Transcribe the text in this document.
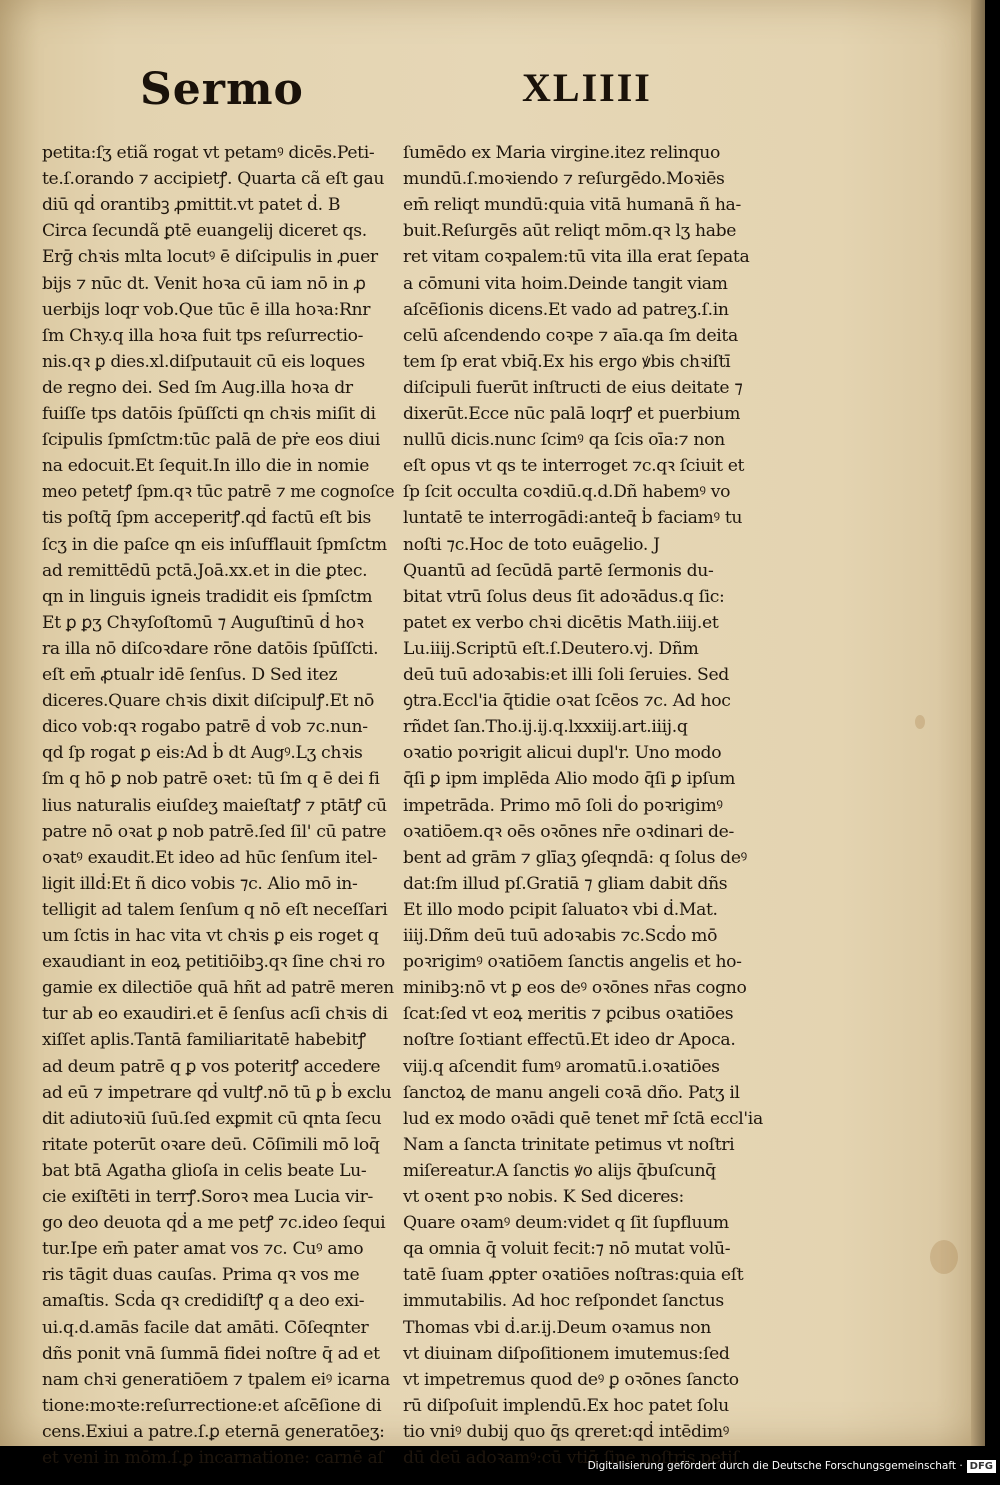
Sermo	XLIIII
petita:ſʒ etiã rogat vt petamꝰ dicēs.Peti-
te.ſ.orando ⁊ accipietꝭ. Quarta cã eſt gau
diū qḋ orantibꝫ ꝓmittit.vt patet ḋ. B
Circa ſecundã ꝑtē euangelij diceret qs.
Erḡ chꝛis mlta locutꝰ ē diſcipulis in ꝓuer
bijs ⁊ nūc dt. Venit hoꝛa cū iam nō in ꝓ
uerbijs loqr vob.Que tūc ē illa hoꝛa:Rnr
ſm Chꝛy.q illa hoꝛa fuit tps reſurrectio-
nis.qꝛ ꝑ dies.xl.diſputauit cū eis loques
de regno dei. Sed ſm Aug.illa hoꝛa dr
fuiſſe tps datōis ſpūſſcti qn chꝛis miſit di
ſcipulis ſpmſctm:tūc palā de pṙe eos diui
na edocuit.Et ſequit.In illo die in nomie
meo petetꝭ ſpm.qꝛ tūc patrē ⁊ me cognoſce
tis poſtq̄ ſpm acceperitꝭ.qḋ factū eſt bis
ſcʒ in die paſce qn eis inſufflauit ſpmſctm
ad remittēdū pctā.Joā.xx.et in die ꝑtec.
qn in linguis igneis tradidit eis ſpmſctm
Et ꝑ ꝑʒ Chꝛyſoſtomū ⁊ Auguſtinū ḋ hoꝛ
ra illa nō diſcoꝛdare rōne datōis ſpūſſcti.
eſt em̄ ꝓtualr idē ſenſus. D Sed itez
diceres.Quare chꝛis dixit diſcipulꝭ.Et nō
dico vob:qꝛ rogabo patrē ḋ vob ⁊c.nun-
qd ſp rogat ꝑ eis:Ad ḃ dt Augꝰ.Lʒ chꝛis
ſm q hō ꝑ nob patrē oꝛet: tū ſm q ē dei fi
lius naturalis eiuſdeʒ maieſtatꝭ ⁊ ptātꝭ cū
patre nō oꝛat ꝑ nob patrē.ſed ſil' cū patre
oꝛatꝰ exaudit.Et ideo ad hūc ſenſum itel-
ligit illḋ:Et ñ dico vobis ⁊c. Alio mō in-
telligit ad talem ſenſum q nō eſt neceſſari
um ſctis in hac vita vt chꝛis ꝑ eis roget q
exaudiant in eoꝝ petitiōibꝫ.qꝛ ſine chꝛi ro
gamie ex dilectiōe quā hñt ad patrē meren
tur ab eo exaudiri.et ē ſenſus acſi chꝛis di
xiſſet aplis.Tantā familiaritatē habebitꝭ
ad deum patrē q ꝑ vos poteritꝭ accedere
ad eū ⁊ impetrare qḋ vultꝭ.nō tū ꝑ ḃ exclu
dit adiutoꝛiū ſuū.ſed exꝑmit cū qnta ſecu
ritate poterūt oꝛare deū. Cōſimili mō loq̄
bat btā Agatha glioſa in celis beate Lu-
cie exiſtēti in terrꝭ.Soroꝛ mea Lucia vir-
go deo deuota qḋ a me petꝭ ⁊c.ideo ſequi
tur.Ipe em̄ pater amat vos ⁊c. Cuꝰ amo
ris tāgit duas cauſas. Prima qꝛ vos me
amaſtis. Scḋa qꝛ credidiſtꝭ q a deo exi-
ui.q.d.amās facile dat amāti. Cōſeqnter
dñs ponit vnā ſummā fidei noſtre q̄ ad et
nam chꝛi generatiōem ⁊ tpalem eiꝰ icarna
tione:moꝛte:reſurrectione:et aſcēſione di
cens.Exiui a patre.ſ.ꝑ eternā generatōeʒ:
et veni in mōm.ſ.ꝑ incarnatione: carnē aſ
ſumēdo ex Maria virgine.itez relinquo
mundū.ſ.moꝛiendo ⁊ reſurgēdo.Moꝛiēs
em̄ reliqt mundū:quia vitā humanā ñ ha-
buit.Reſurgēs aūt reliqt mōm.qꝛ lʒ habe
ret vitam coꝛpalem:tū vita illa erat ſepata
a cōmuni vita hoim.Deinde tangit viam
aſcēſionis dicens.Et vado ad patreʒ.ſ.in
celū aſcendendo coꝛpe ⁊ aīa.qa ſm deita
tem ſp erat vbiq̄.Ex his ergo ꝟbis chꝛiſtī
diſcipuli fuerūt inſtructi de eius deitate ⁊
dixerūt.Ecce nūc palā loqrꝭ et puerbium
nullū dicis.nunc ſcimꝰ qa ſcis oīa:⁊ non
eſt opus vt qs te interroget ⁊c.qꝛ ſciuit et
ſp ſcit occulta coꝛdiū.q.d.Dñ habemꝰ vo
luntatē te interrogādi:anteq̄ ḃ faciamꝰ tu
noſti ⁊c.Hoc de toto euāgelio. J
Quantū ad ſecūdā partē ſermonis du-
bitat vtrū ſolus deus ſit adoꝛādus.q ſic:
patet ex verbo chꝛi dicētis Math.iiij.et
Lu.iiij.Scriptū eſt.ſ.Deutero.vj. Dñm
deū tuū adoꝛabis:et illi ſoli ſeruies. Sed
ꝯtra.Eccl'ia q̄tidie oꝛat ſcēos ⁊c. Ad hoc
rñdet ſan.Tho.ij.ij.q.lxxxiij.art.iiij.q
oꝛatio poꝛrigit alicui dupl'r. Uno modo
q̄ſi ꝑ ipm implēda Alio modo q̄ſi ꝑ ipſum
impetrāda. Primo mō ſoli ḋo poꝛrigimꝰ
oꝛatiōem.qꝛ oēs oꝛōnes nr̄e oꝛdinari de-
bent ad grām ⁊ glīaʒ ꝯſeqndā: q ſolus deꝰ
dat:ſm illud pſ.Gratiā ⁊ gliam dabit dñs
Et illo modo pcipit ſaluatoꝛ vbi ḋ.Mat.
iiij.Dñm deū tuū adoꝛabis ⁊c.Scḋo mō
poꝛrigimꝰ oꝛatiōem ſanctis angelis et ho-
minibꝫ:nō vt ꝑ eos deꝰ oꝛōnes nr̄as cogno
ſcat:ſed vt eoꝝ meritis ⁊ ꝑcibus oꝛatiōes
noſtre ſoꝛtiant effectū.Et ideo dr Apoca.
viij.q aſcendit fumꝰ aromatū.i.oꝛatiōes
ſanctoꝝ de manu angeli coꝛā dño. Patʒ il
lud ex modo oꝛādi quē tenet mr̄ ſctā eccl'ia
Nam a ſancta trinitate petimus vt noſtri
miſereatur.A ſanctis ꝟo alijs q̄buſcunq̄
vt oꝛent pꝛo nobis. K Sed diceres:
Quare oꝛamꝰ deum:videt q ſit ſupfluum
qa omnia q̄ voluit fecit:⁊ nō mutat volū-
tatē ſuam ꝓpter oꝛatiōes noſtras:quia eſt
immutabilis. Ad hoc reſpondet ſanctus
Thomas vbi ḋ.ar.ij.Deum oꝛamus non
vt diuinam diſpoſitionem imutemus:ſed
vt impetremus quod deꝰ ꝑ oꝛōnes ſancto
rū diſpoſuit implendū.Ex hoc patet ſolu
tio vniꝰ dubij quo q̄s qreret:qḋ intēdimꝰ
dū deū adoꝛamꝰ:cū vtiq̄ ſine noſtris petiſ
Digitalisierung gefördert durch die Deutsche Forschungsgemeinschaft · DFG
